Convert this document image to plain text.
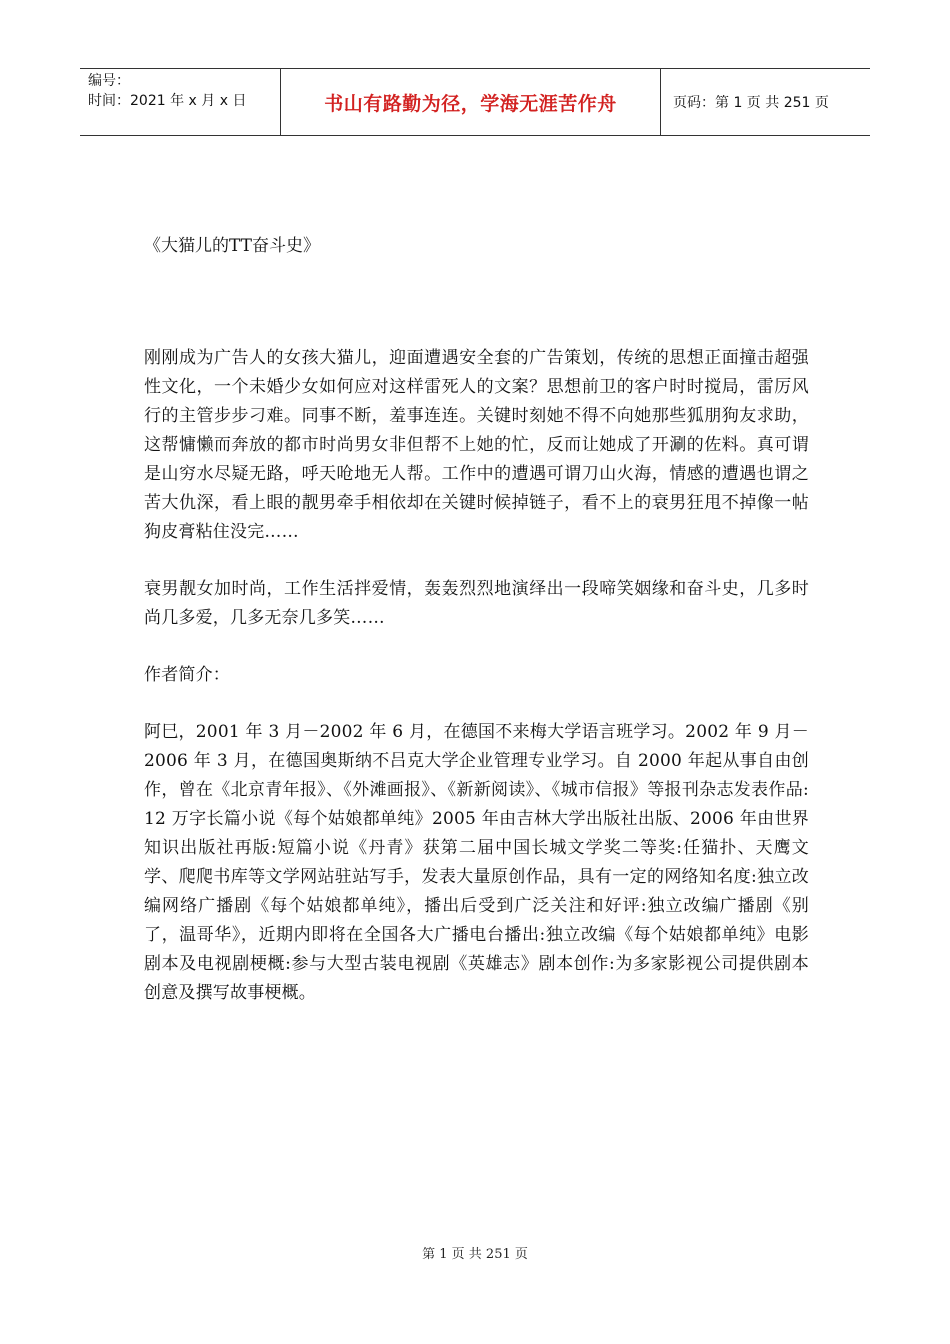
编号：
时间：2021 年 x 月 x 日	书山有路勤为径，学海无涯苦作舟	页码：第 1 页 共 251 页

《大猫儿的TT奋斗史》

刚刚成为广告人的女孩大猫儿，迎面遭遇安全套的广告策划，传统的思想正面撞击超强性文化，一个未婚少女如何应对这样雷死人的文案？思想前卫的客户时时搅局，雷厉风行的主管步步刁难。同事不断，羞事连连。关键时刻她不得不向她那些狐朋狗友求助，这帮慵懒而奔放的都市时尚男女非但帮不上她的忙，反而让她成了开涮的佐料。真可谓是山穷水尽疑无路，呼天呛地无人帮。工作中的遭遇可谓刀山火海，情感的遭遇也谓之苦大仇深，看上眼的靓男牵手相依却在关键时候掉链子，看不上的衰男狂甩不掉像一帖狗皮膏粘住没完……

衰男靓女加时尚，工作生活拌爱情，轰轰烈烈地演绎出一段啼笑姻缘和奋斗史，几多时尚几多爱，几多无奈几多笑……

作者简介：

阿巳，2001 年 3 月－2002 年 6 月，在德国不来梅大学语言班学习。2002 年 9 月－2006 年 3 月，在德国奥斯纳不吕克大学企业管理专业学习。自 2000 年起从事自由创作，曾在《北京青年报》、《外滩画报》、《新新阅读》、《城市信报》等报刊杂志发表作品:12 万字长篇小说《每个姑娘都单纯》2005 年由吉林大学出版社出版、2006 年由世界知识出版社再版:短篇小说《丹青》获第二届中国长城文学奖二等奖:任猫扑、天鹰文学、爬爬书库等文学网站驻站写手，发表大量原创作品，具有一定的网络知名度:独立改编网络广播剧《每个姑娘都单纯》，播出后受到广泛关注和好评:独立改编广播剧《别了，温哥华》，近期内即将在全国各大广播电台播出:独立改编《每个姑娘都单纯》电影剧本及电视剧梗概:参与大型古装电视剧《英雄志》剧本创作:为多家影视公司提供剧本创意及撰写故事梗概。

第 1 页 共 251 页
